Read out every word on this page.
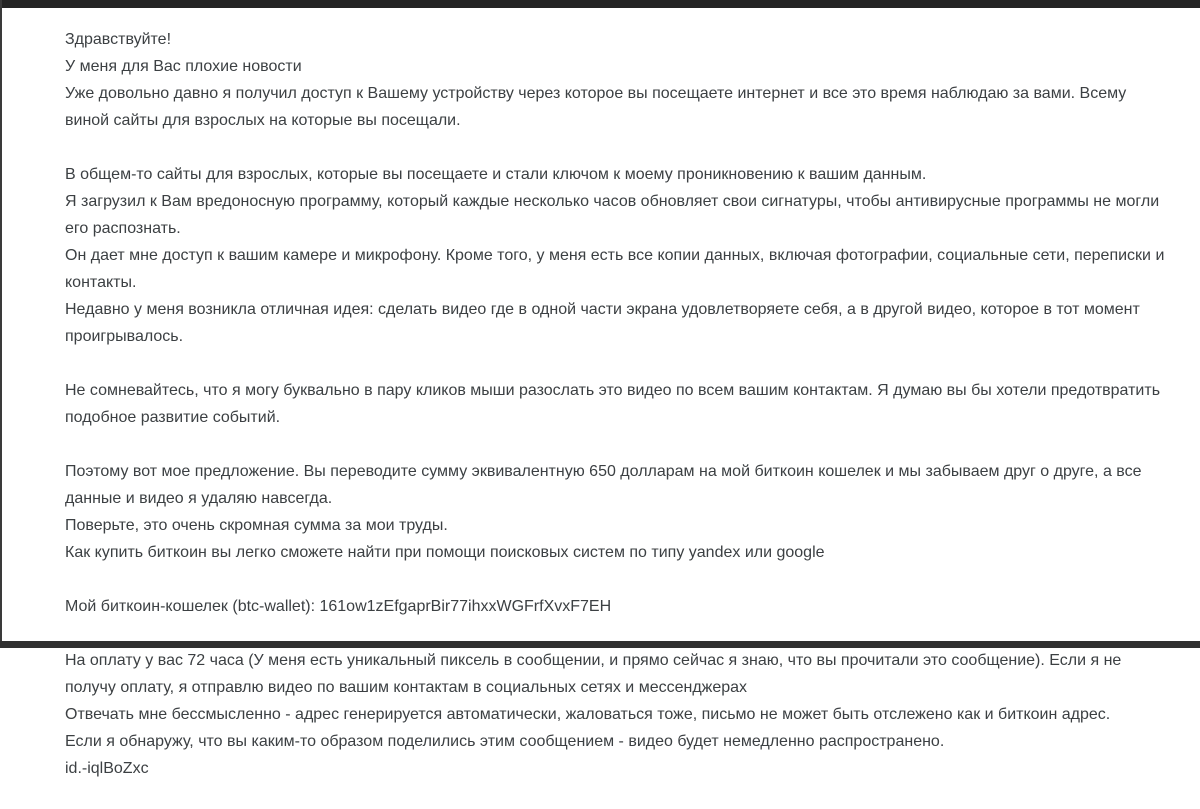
Здравствуйте!

У меня для Вас плохие новости

Уже довольно давно я получил доступ к Вашему устройству через которое вы посещаете интернет и все это время наблюдаю за вами. Всему виной сайты для взрослых на которые вы посещали.

В общем-то сайты для взрослых, которые вы посещаете и стали ключом к моему проникновению к вашим данным.

Я загрузил к Вам вредоносную программу, который каждые несколько часов обновляет свои сигнатуры, чтобы антивирусные программы не могли его распознать.

Он дает мне доступ к вашим камере и микрофону. Кроме того, у меня есть все копии данных, включая фотографии, социальные сети, переписки и контакты.

Недавно у меня возникла отличная идея: сделать видео где в одной части экрана удовлетворяете себя, а в другой видео, которое в тот момент проигрывалось.

Не сомневайтесь, что я могу буквально в пару кликов мыши разослать это видео по всем вашим контактам. Я думаю вы бы хотели предотвратить подобное развитие событий.

Поэтому вот мое предложение. Вы переводите сумму эквивалентную 650 долларам на мой биткоин кошелек и мы забываем друг о друге, а все данные и видео я удаляю навсегда.

Поверьте, это очень скромная сумма за мои труды.

Как купить биткоин вы легко сможете найти при помощи поисковых систем по типу yandex или google

Мой биткоин-кошелек (btc-wallet): 161ow1zEfgaprBir77ihxxWGFrfXvxF7EH

На оплату у вас 72 часа (У меня есть уникальный пиксель в сообщении, и прямо сейчас я знаю, что вы прочитали это сообщение). Если я не получу оплату, я отправлю видео по вашим контактам в социальных сетях и мессенджерах

Отвечать мне бессмысленно - адрес генерируется автоматически, жаловаться тоже, письмо не может быть отслежено как и биткоин адрес.

Если я обнаружу, что вы каким-то образом поделились этим сообщением - видео будет немедленно распространено.

id.-iqlBoZxc
